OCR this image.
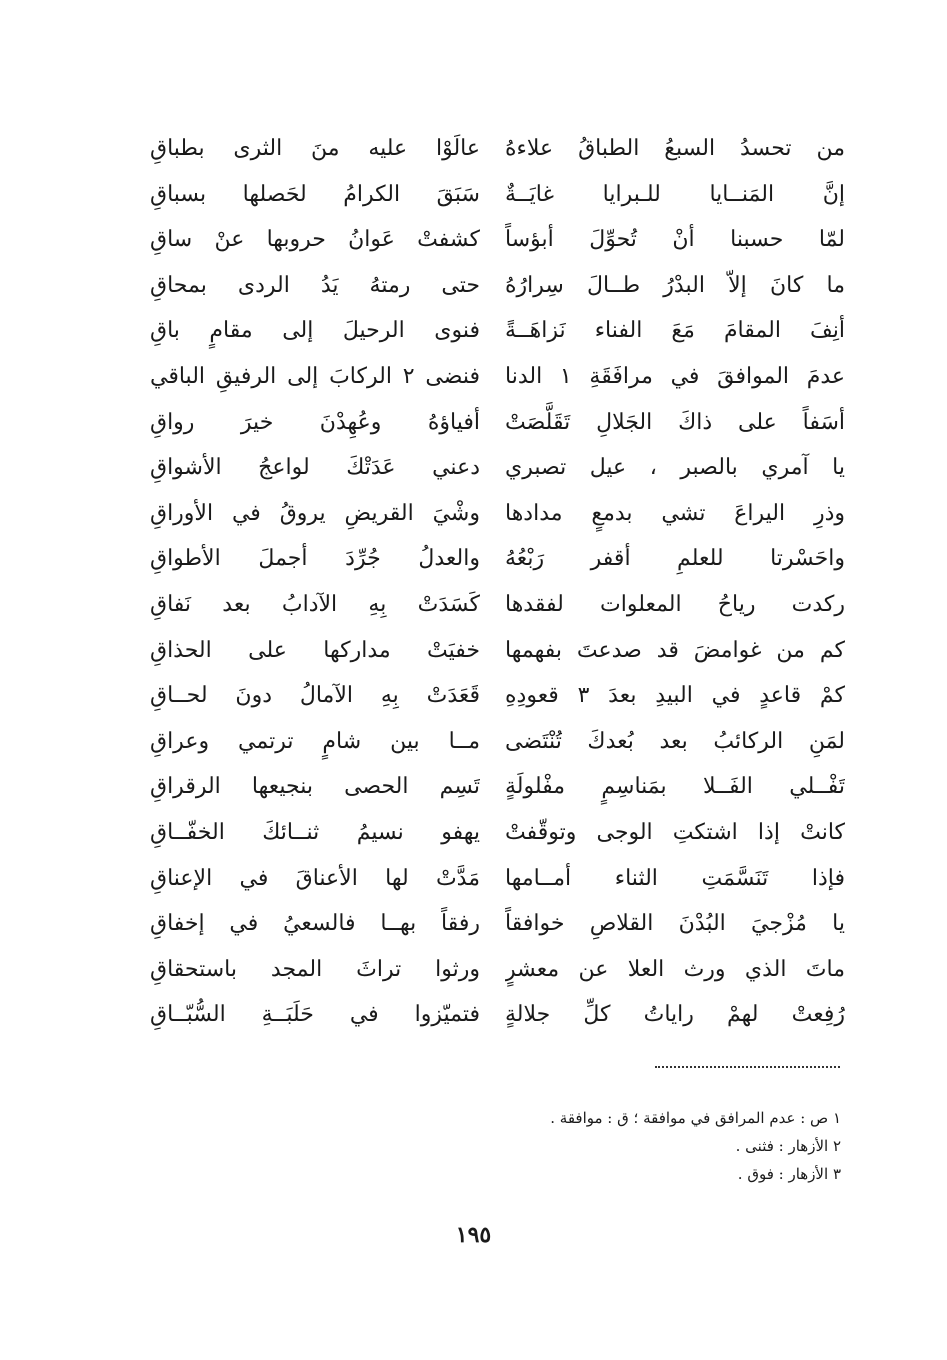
من تحسدُ السبعُ الطباقُ علاءهُ
عالَوْا عليه منَ الثرى بطباقِ
إنَّ المَنــايا للـبرايا غايَــةٌ
سَبَقَ الكرامُ لحَصلها بسباقِ
لمّا حسبنا أنْ تُحوِّلَ أبؤساً
كشفتْ عَوانُ حروبها عنْ ساقِ
ما كانَ إلاّ البدْرُ طــالَ سِرارُهُ
حتى رمتهُ يَدُ الردى بمحاقِ
أنِفَ المقامَ مَعَ الفناء نَزاهَــةً
فنوى الرحيلَ إلى مقامٍ باقِ
عدمَ الموافقَ في مرافَقَةِ ١ الدنا
فنضى ٢ الركابَ إلى الرفيقِ الباقي
أسَفاً على ذاكَ الجَلالِ تَقَلَّصَتْ
أفياؤهُ وعُهِدْنَ خيرَ رواقِ
يا آمري بالصبر ، عيل تصبري
دعني عَدَتْكَ لواعجُ الأشواقِ
وذرِ اليراعَ تشي بدمعٍ مدادها
وشْيَ القريضِ يروقُ في الأوراقِ
واحَسْرتا للعلمِ أقفر رَبْعُهُ
والعدلُ جُرِّدَ أجملَ الأطواقِ
ركدت رياحُ المعلوات لفقدها
كَسَدَتْ بِهِ الآدابُ بعد نَفاقِ
كم من غوامضَ قد صدعتَ بفهمها
خفيَتْ مداركها على الحذاقِ
كمْ قاعدٍ في البيدِ بعدَ ٣ قعودِهِ
قَعَدَتْ بِهِ الآمالُ دونَ لحــاقِ
لمَنِ الركائبُ بعد بُعدكَ تُنْتَضى
مــا بين شامٍ ترتمي وعراقِ
تَفْــلي الفَــلا بمَناسِمٍ مفْلولَةٍ
تَسِم الحصى بنجيعها الرقراقِ
كانتْ إذا اشتكتِ الوجى وتوقّفتْ
يهفو نسيمُ ثنــائكَ الخفّــاقِ
فإذا تَنَسَّمَتِ الثناء أمــامها
مَدَّتْ لها الأعناقَ في الإعناقِ
يا مُزْجيَ البُدْنَ القلاصِ خوافقاً
رفقاً بهــا فالسعيُ في إخفاقِ
ماتَ الذي ورث العلا عن معشرٍ
ورثوا تراثَ المجد باستحقاقِ
رُفِعتْ لهمْ راياتُ كلِّ جلالةٍ
فتميّزوا في حَلَبَــةِ السُّبّــاقِ
١ ص : عدم المرافق في موافقة ؛ ق : موافقة .
٢ الأزهار : فثنى .
٣ الأزهار : فوق .
١٩٥
